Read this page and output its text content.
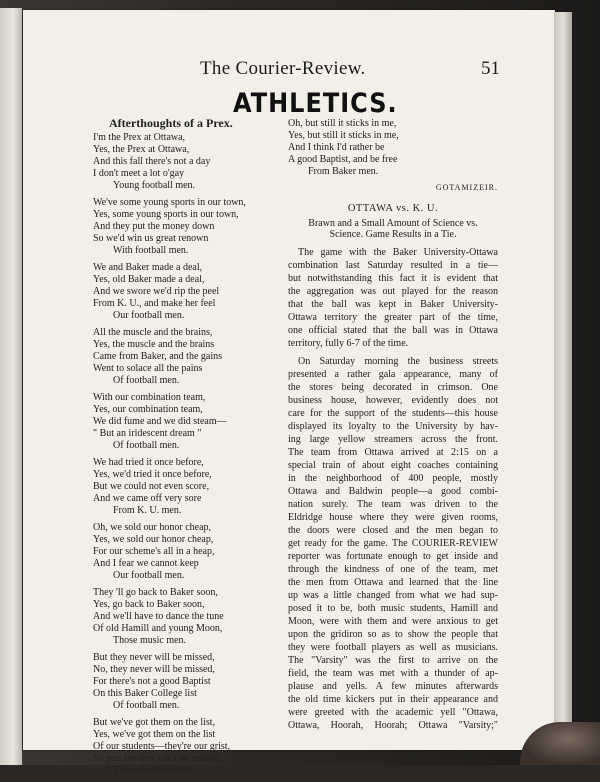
The Courier-Review.	51
ATHLETICS.
Afterthoughts of a Prex.
I'm the Prex at Ottawa,
Yes, the Prex at Ottawa,
And this fall there's not a day
I don't meet a lot o'gay
Young football men.
We've some young sports in our town,
Yes, some young sports in our town,
And they put the money down
So we'd win us great renown
With football men.
We and Baker made a deal,
Yes, old Baker made a deal,
And we swore we'd rip the peel
From K. U., and make her feel
Our football men.
All the muscle and the brains,
Yes, the muscle and the brains
Came from Baker, and the gains
Went to solace all the pains
Of football men.
With our combination team,
Yes, our combination team,
We did fume and we did steam—
" But an iridescent dream "
Of football men.
We had tried it once before,
Yes, we'd tried it once before,
But we could not even score,
And we came off very sore
From K. U. men.
Oh, we sold our honor cheap,
Yes, we sold our honor cheap,
For our scheme's all in a heap,
And I fear we cannot keep
Our football men.
They 'll go back to Baker soon,
Yes, go back to Baker soon,
And we'll have to dance the tune
Of old Hamill and young Moon,
Those music men.
But they never will be missed,
No, they never will be missed,
For there's not a good Baptist
On this Baker College list
Of football men.
But we've got them on the list,
Yes, we've got them on the list
Of our students—they're our grist,
So you see they can't be missed,
These football men.
Oh, but still it sticks in me,
Yes, but still it sticks in me,
And I think I'd rather be
A good Baptist, and be free
From Baker men.
GOTAMIZEIR.
OTTAWA vs. K. U.
Brawn and a Small Amount of Science vs.
Science. Game Results in a Tie.
The game with the Baker University-Ottawa
combination last Saturday resulted in a tie—
but notwithstanding this fact it is evident that
the aggregation was out played for the reason
that the ball was kept in Baker University-
Ottawa territory the greater part of the time,
one official stated that the ball was in Ottawa
territory, fully 6-7 of the time.
On Saturday morning the business streets
presented a rather gala appearance, many of
the stores being decorated in crimson. One
business house, however, evidently does not
care for the support of the students—this house
displayed its loyalty to the University by hav-
ing large yellow streamers across the front.
The team from Ottawa arrived at 2:15 on a
special train of about eight coaches containing
in the neighborhood of 400 people, mostly
Ottawa and Baldwin people—a good combi-
nation surely. The team was driven to the
Eldridge house where they were given rooms,
the doors were closed and the men began to
get ready for the game. The COURIER-REVIEW
reporter was fortunate enough to get inside and
through the kindness of one of the team, met
the men from Ottawa and learned that the line
up was a little changed from what we had sup-
posed it to be, both music students, Hamill and
Moon, were with them and were anxious to get
upon the gridiron so as to show the people that
they were football players as well as musicians.
The "Varsity" was the first to arrive on the
field, the team was met with a thunder of ap-
plause and yells. A few minutes afterwards
the old time kickers put in their appearance and
were greeted with the academic yell "Ottawa,
Ottawa, Hoorah, Hoorah; Ottawa "Varsity;"
